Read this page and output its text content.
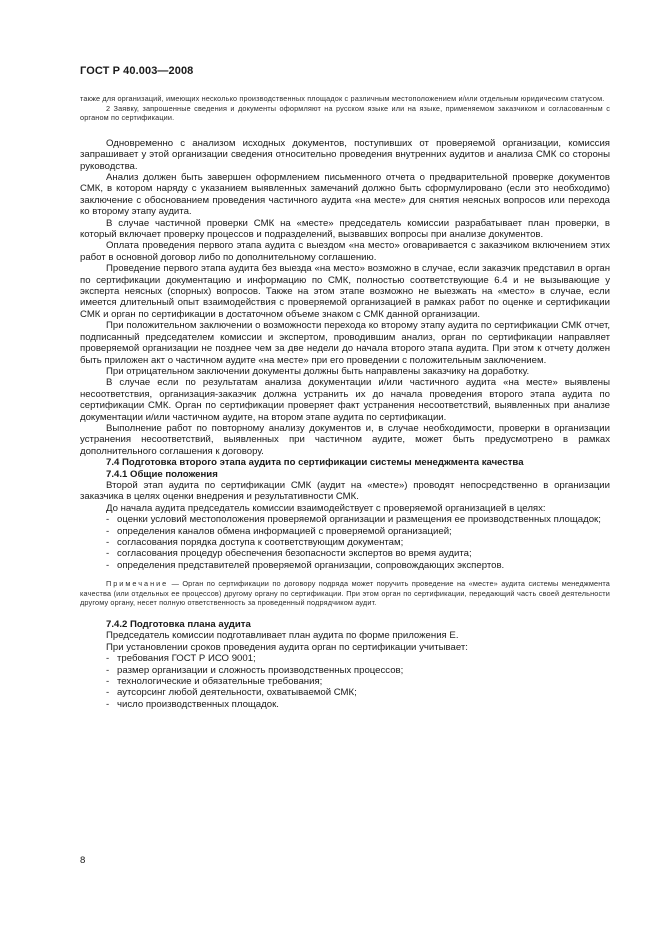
ГОСТ Р 40.003—2008

также для организаций, имеющих несколько производственных площадок с различным местоположением и/или отдельным юридическим статусом.

2 Заявку, запрошенные сведения и документы оформляют на русском языке или на языке, применяемом заказчиком и согласованным с органом по сертификации.

Одновременно с анализом исходных документов, поступивших от проверяемой организации, комиссия запрашивает у этой организации сведения относительно проведения внутренних аудитов и анализа СМК со стороны руководства.

Анализ должен быть завершен оформлением письменного отчета о предварительной проверке документов СМК, в котором наряду с указанием выявленных замечаний должно быть сформулировано (если это необходимо) заключение с обоснованием проведения частичного аудита «на месте» для снятия неясных вопросов или перехода ко второму этапу аудита.

В случае частичной проверки СМК на «месте» председатель комиссии разрабатывает план проверки, в который включает проверку процессов и подразделений, вызвавших вопросы при анализе документов.

Оплата проведения первого этапа аудита с выездом «на место» оговаривается с заказчиком включением этих работ в основной договор либо по дополнительному соглашению.

Проведение первого этапа аудита без выезда «на место» возможно в случае, если заказчик представил в орган по сертификации документацию и информацию по СМК, полностью соответствующие 6.4 и не вызывающие у эксперта неясных (спорных) вопросов. Также на этом этапе возможно не выезжать на «место» в случае, если имеется длительный опыт взаимодействия с проверяемой организацией в рамках работ по оценке и сертификации СМК и орган по сертификации в достаточном объеме знаком с СМК данной организации.

При положительном заключении о возможности перехода ко второму этапу аудита по сертификации СМК отчет, подписанный председателем комиссии и экспертом, проводившим анализ, орган по сертификации направляет проверяемой организации не позднее чем за две недели до начала второго этапа аудита. При этом к отчету должен быть приложен акт о частичном аудите «на месте» при его проведении с положительным заключением.

При отрицательном заключении документы должны быть направлены заказчику на доработку.

В случае если по результатам анализа документации и/или частичного аудита «на месте» выявлены несоответствия, организация-заказчик должна устранить их до начала проведения второго этапа аудита по сертификации СМК. Орган по сертификации проверяет факт устранения несоответствий, выявленных при анализе документации и/или частичном аудите, на втором этапе аудита по сертификации.

Выполнение работ по повторному анализу документов и, в случае необходимости, проверки в организации устранения несоответствий, выявленных при частичном аудите, может быть предусмотрено в рамках дополнительного соглашения к договору.

7.4 Подготовка второго этапа аудита по сертификации системы менеджмента качества

7.4.1 Общие положения

Второй этап аудита по сертификации СМК (аудит на «месте») проводят непосредственно в организации заказчика в целях оценки внедрения и результативности СМК.

До начала аудита председатель комиссии взаимодействует с проверяемой организацией в целях:

- оценки условий местоположения проверяемой организации и размещения ее производственных площадок;

- определения каналов обмена информацией с проверяемой организацией;

- согласования порядка доступа к соответствующим документам;

- согласования процедур обеспечения безопасности экспертов во время аудита;

- определения представителей проверяемой организации, сопровождающих экспертов.

Примечание — Орган по сертификации по договору подряда может поручить проведение на «месте» аудита системы менеджмента качества (или отдельных ее процессов) другому органу по сертификации. При этом орган по сертификации, передающий часть своей деятельности другому органу, несет полную ответственность за проведенный подрядчиком аудит.

7.4.2 Подготовка плана аудита

Председатель комиссии подготавливает план аудита по форме приложения Е.

При установлении сроков проведения аудита орган по сертификации учитывает:

- требования ГОСТ Р ИСО 9001;

- размер организации и сложность производственных процессов;

- технологические и обязательные требования;

- аутсорсинг любой деятельности, охватываемой СМК;

- число производственных площадок.

8
